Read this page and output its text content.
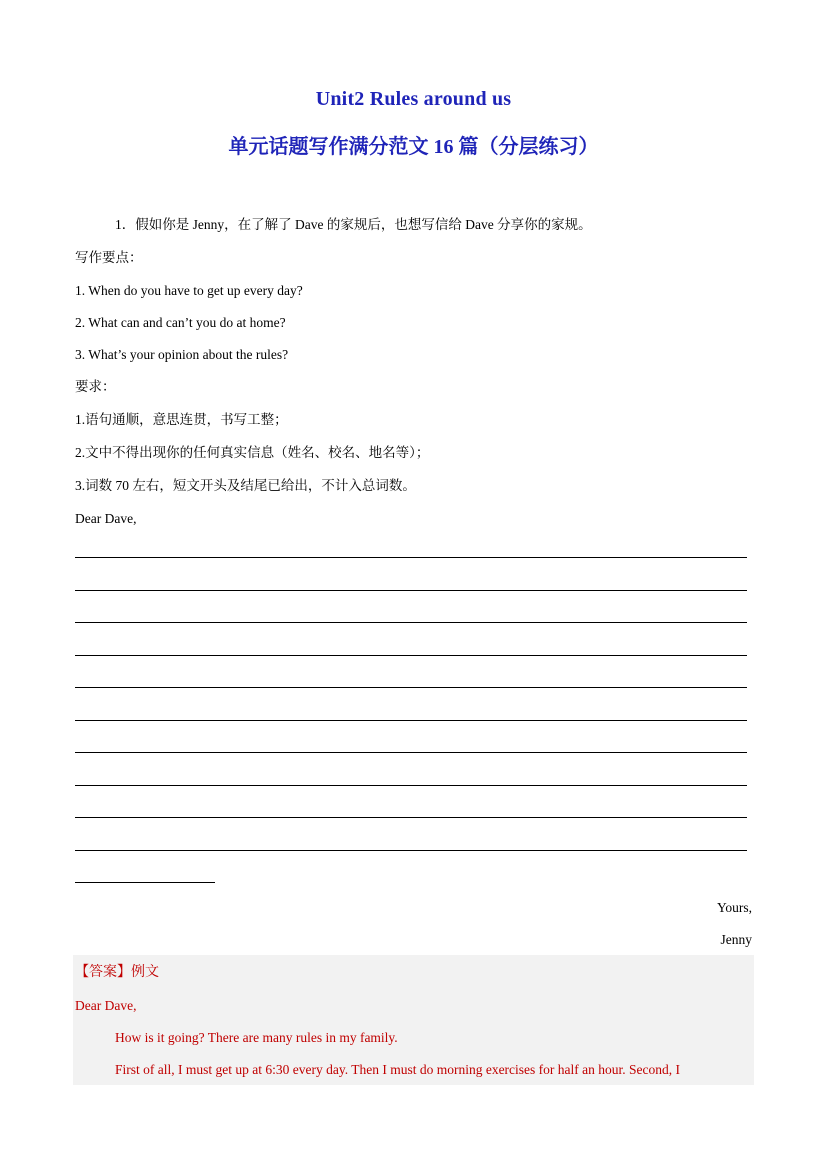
Unit2 Rules around us
单元话题写作满分范文 16 篇（分层练习）
1．假如你是 Jenny，在了解了 Dave 的家规后，也想写信给 Dave 分享你的家规。
写作要点：
1. When do you have to get up every day?
2. What can and can’t you do at home?
3. What’s your opinion about the rules?
要求：
1.语句通顺，意思连贯，书写工整；
2.文中不得出现你的任何真实信息（姓名、校名、地名等）；
3.词数 70 左右，短文开头及结尾已给出，不计入总词数。
Dear Dave,
Yours,
Jenny
【答案】例文
Dear Dave,
How is it going? There are many rules in my family.
First of all, I must get up at 6:30 every day. Then I must do morning exercises for half an hour. Second, I
